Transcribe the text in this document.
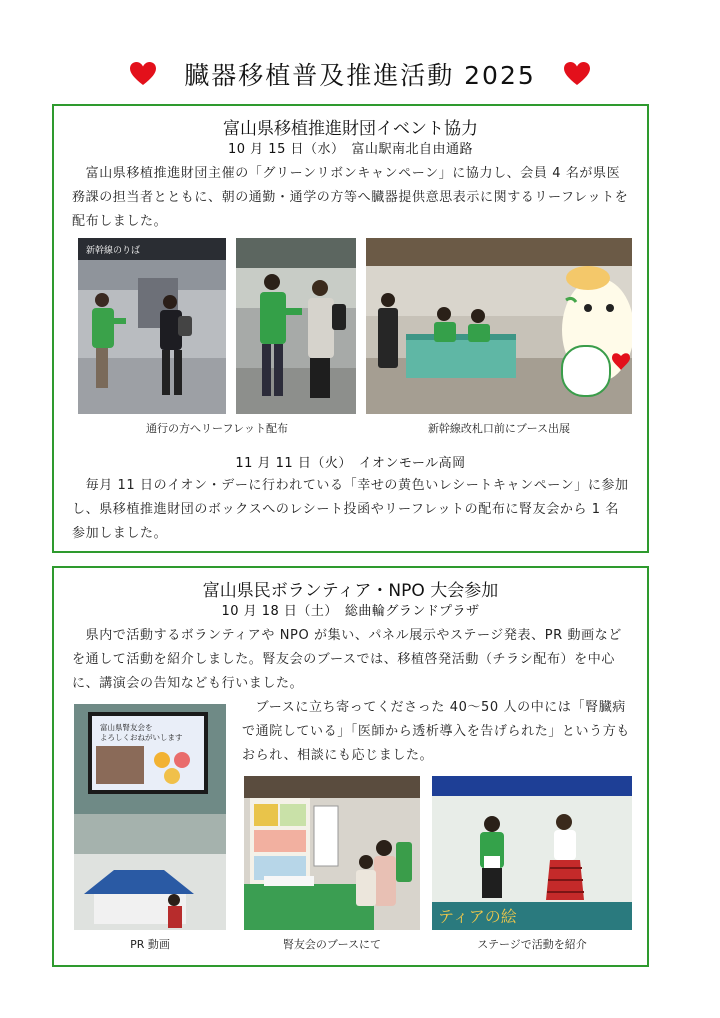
臓器移植普及推進活動 2025
富山県移植推進財団イベント協力
10 月 15 日（水）　富山駅南北自由通路

　富山県移植推進財団主催の「グリーンリボンキャンペーン」に協力し、会員 4 名が県医務課の担当者とともに、朝の通勤・通学の方等へ臓器提供意思表示に関するリーフレットを配布しました。

新幹線のりば
通行の方へリーフレット配布	新幹線改札口前にブース出展
11 月 11 日（火）　イオンモール高岡

　毎月 11 日のイオン・デーに行われている「幸せの黄色いレシートキャンペーン」に参加し、県移植推進財団のボックスへのレシート投函やリーフレットの配布に腎友会から 1 名参加しました。

富山県民ボランティア・NPO 大会参加
10 月 18 日（土）　総曲輪グランドプラザ

　県内で活動するボランティアや NPO が集い、パネル展示やステージ発表、PR 動画などを通して活動を紹介しました。腎友会のブースでは、移植啓発活動（チラシ配布）を中心に、講演会の告知なども行いました。

富山県腎友会を
よろしくおねがいします

　ブースに立ち寄ってくださった 40〜50 人の中には「腎臓病で通院している」「医師から透析導入を告げられた」という方もおられ、相談にも応じました。

ティアの絵
PR 動画	腎友会のブースにて	ステージで活動を紹介
